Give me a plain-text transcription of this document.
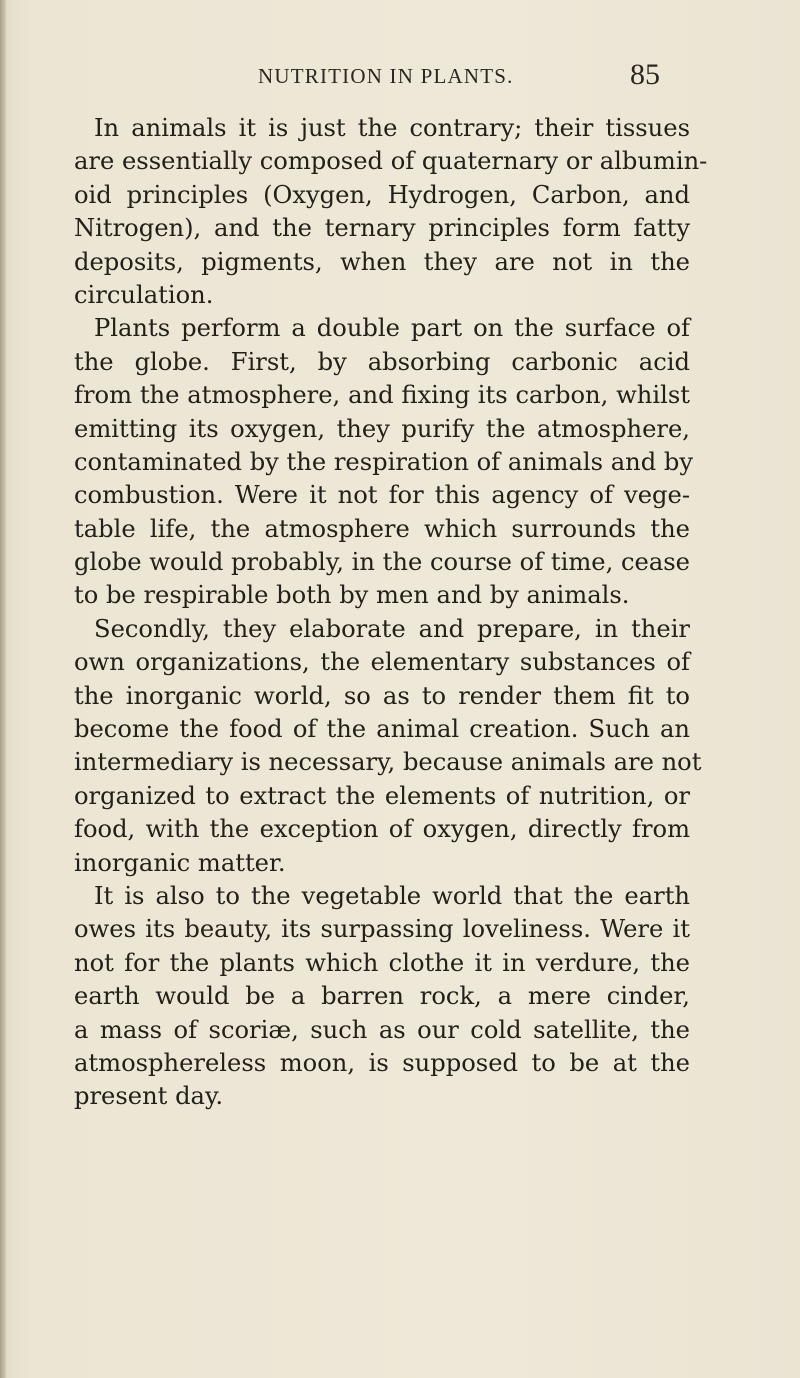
NUTRITION IN PLANTS.	85
In animals it is just the contrary; their tissues
are essentially composed of quaternary or albumin-
oid principles (Oxygen, Hydrogen, Carbon, and
Nitrogen), and the ternary principles form fatty
deposits, pigments, when they are not in the
circulation.
Plants perform a double part on the surface of
the globe. First, by absorbing carbonic acid
from the atmosphere, and fixing its carbon, whilst
emitting its oxygen, they purify the atmosphere,
contaminated by the respiration of animals and by
combustion. Were it not for this agency of vege-
table life, the atmosphere which surrounds the
globe would probably, in the course of time, cease
to be respirable both by men and by animals.
Secondly, they elaborate and prepare, in their
own organizations, the elementary substances of
the inorganic world, so as to render them fit to
become the food of the animal creation. Such an
intermediary is necessary, because animals are not
organized to extract the elements of nutrition, or
food, with the exception of oxygen, directly from
inorganic matter.
It is also to the vegetable world that the earth
owes its beauty, its surpassing loveliness. Were it
not for the plants which clothe it in verdure, the
earth would be a barren rock, a mere cinder,
a mass of scoriæ, such as our cold satellite, the
atmosphereless moon, is supposed to be at the
present day.
